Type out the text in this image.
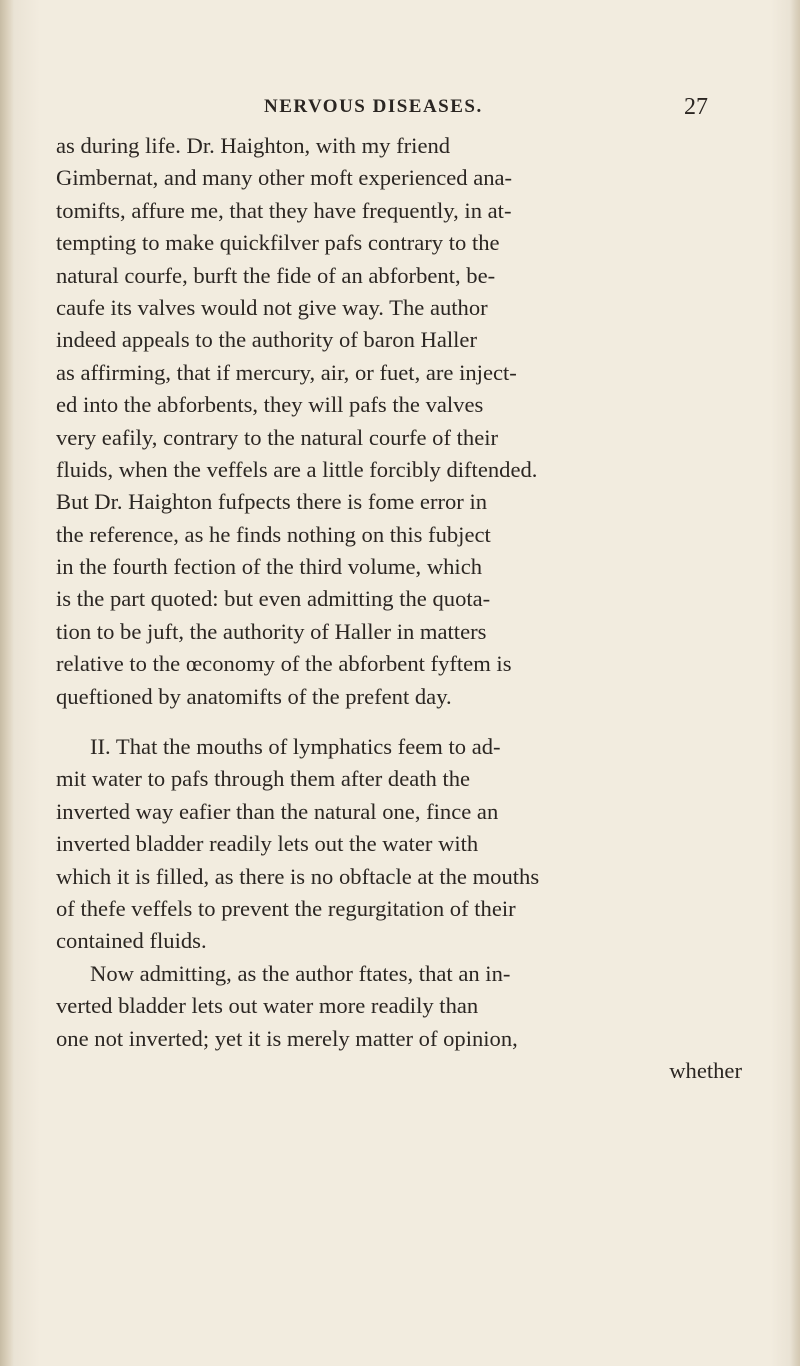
NERVOUS DISEASES.	27

as during life. Dr. Haighton, with my friend
Gimbernat, and many other moft experienced ana-
tomifts, affure me, that they have frequently, in at-
tempting to make quickfilver pafs contrary to the
natural courfe, burft the fide of an abforbent, be-
caufe its valves would not give way. The author
indeed appeals to the authority of baron Haller
as affirming, that if mercury, air, or fuet, are inject-
ed into the abforbents, they will pafs the valves
very eafily, contrary to the natural courfe of their
fluids, when the veffels are a little forcibly diftended.
But Dr. Haighton fufpects there is fome error in
the reference, as he finds nothing on this fubject
in the fourth fection of the third volume, which
is the part quoted: but even admitting the quota-
tion to be juft, the authority of Haller in matters
relative to the œconomy of the abforbent fyftem is
queftioned by anatomifts of the prefent day.

II. That the mouths of lymphatics feem to ad-
mit water to pafs through them after death the
inverted way eafier than the natural one, fince an
inverted bladder readily lets out the water with
which it is filled, as there is no obftacle at the mouths
of thefe veffels to prevent the regurgitation of their
contained fluids.

Now admitting, as the author ftates, that an in-
verted bladder lets out water more readily than
one not inverted; yet it is merely matter of opinion,
whether
